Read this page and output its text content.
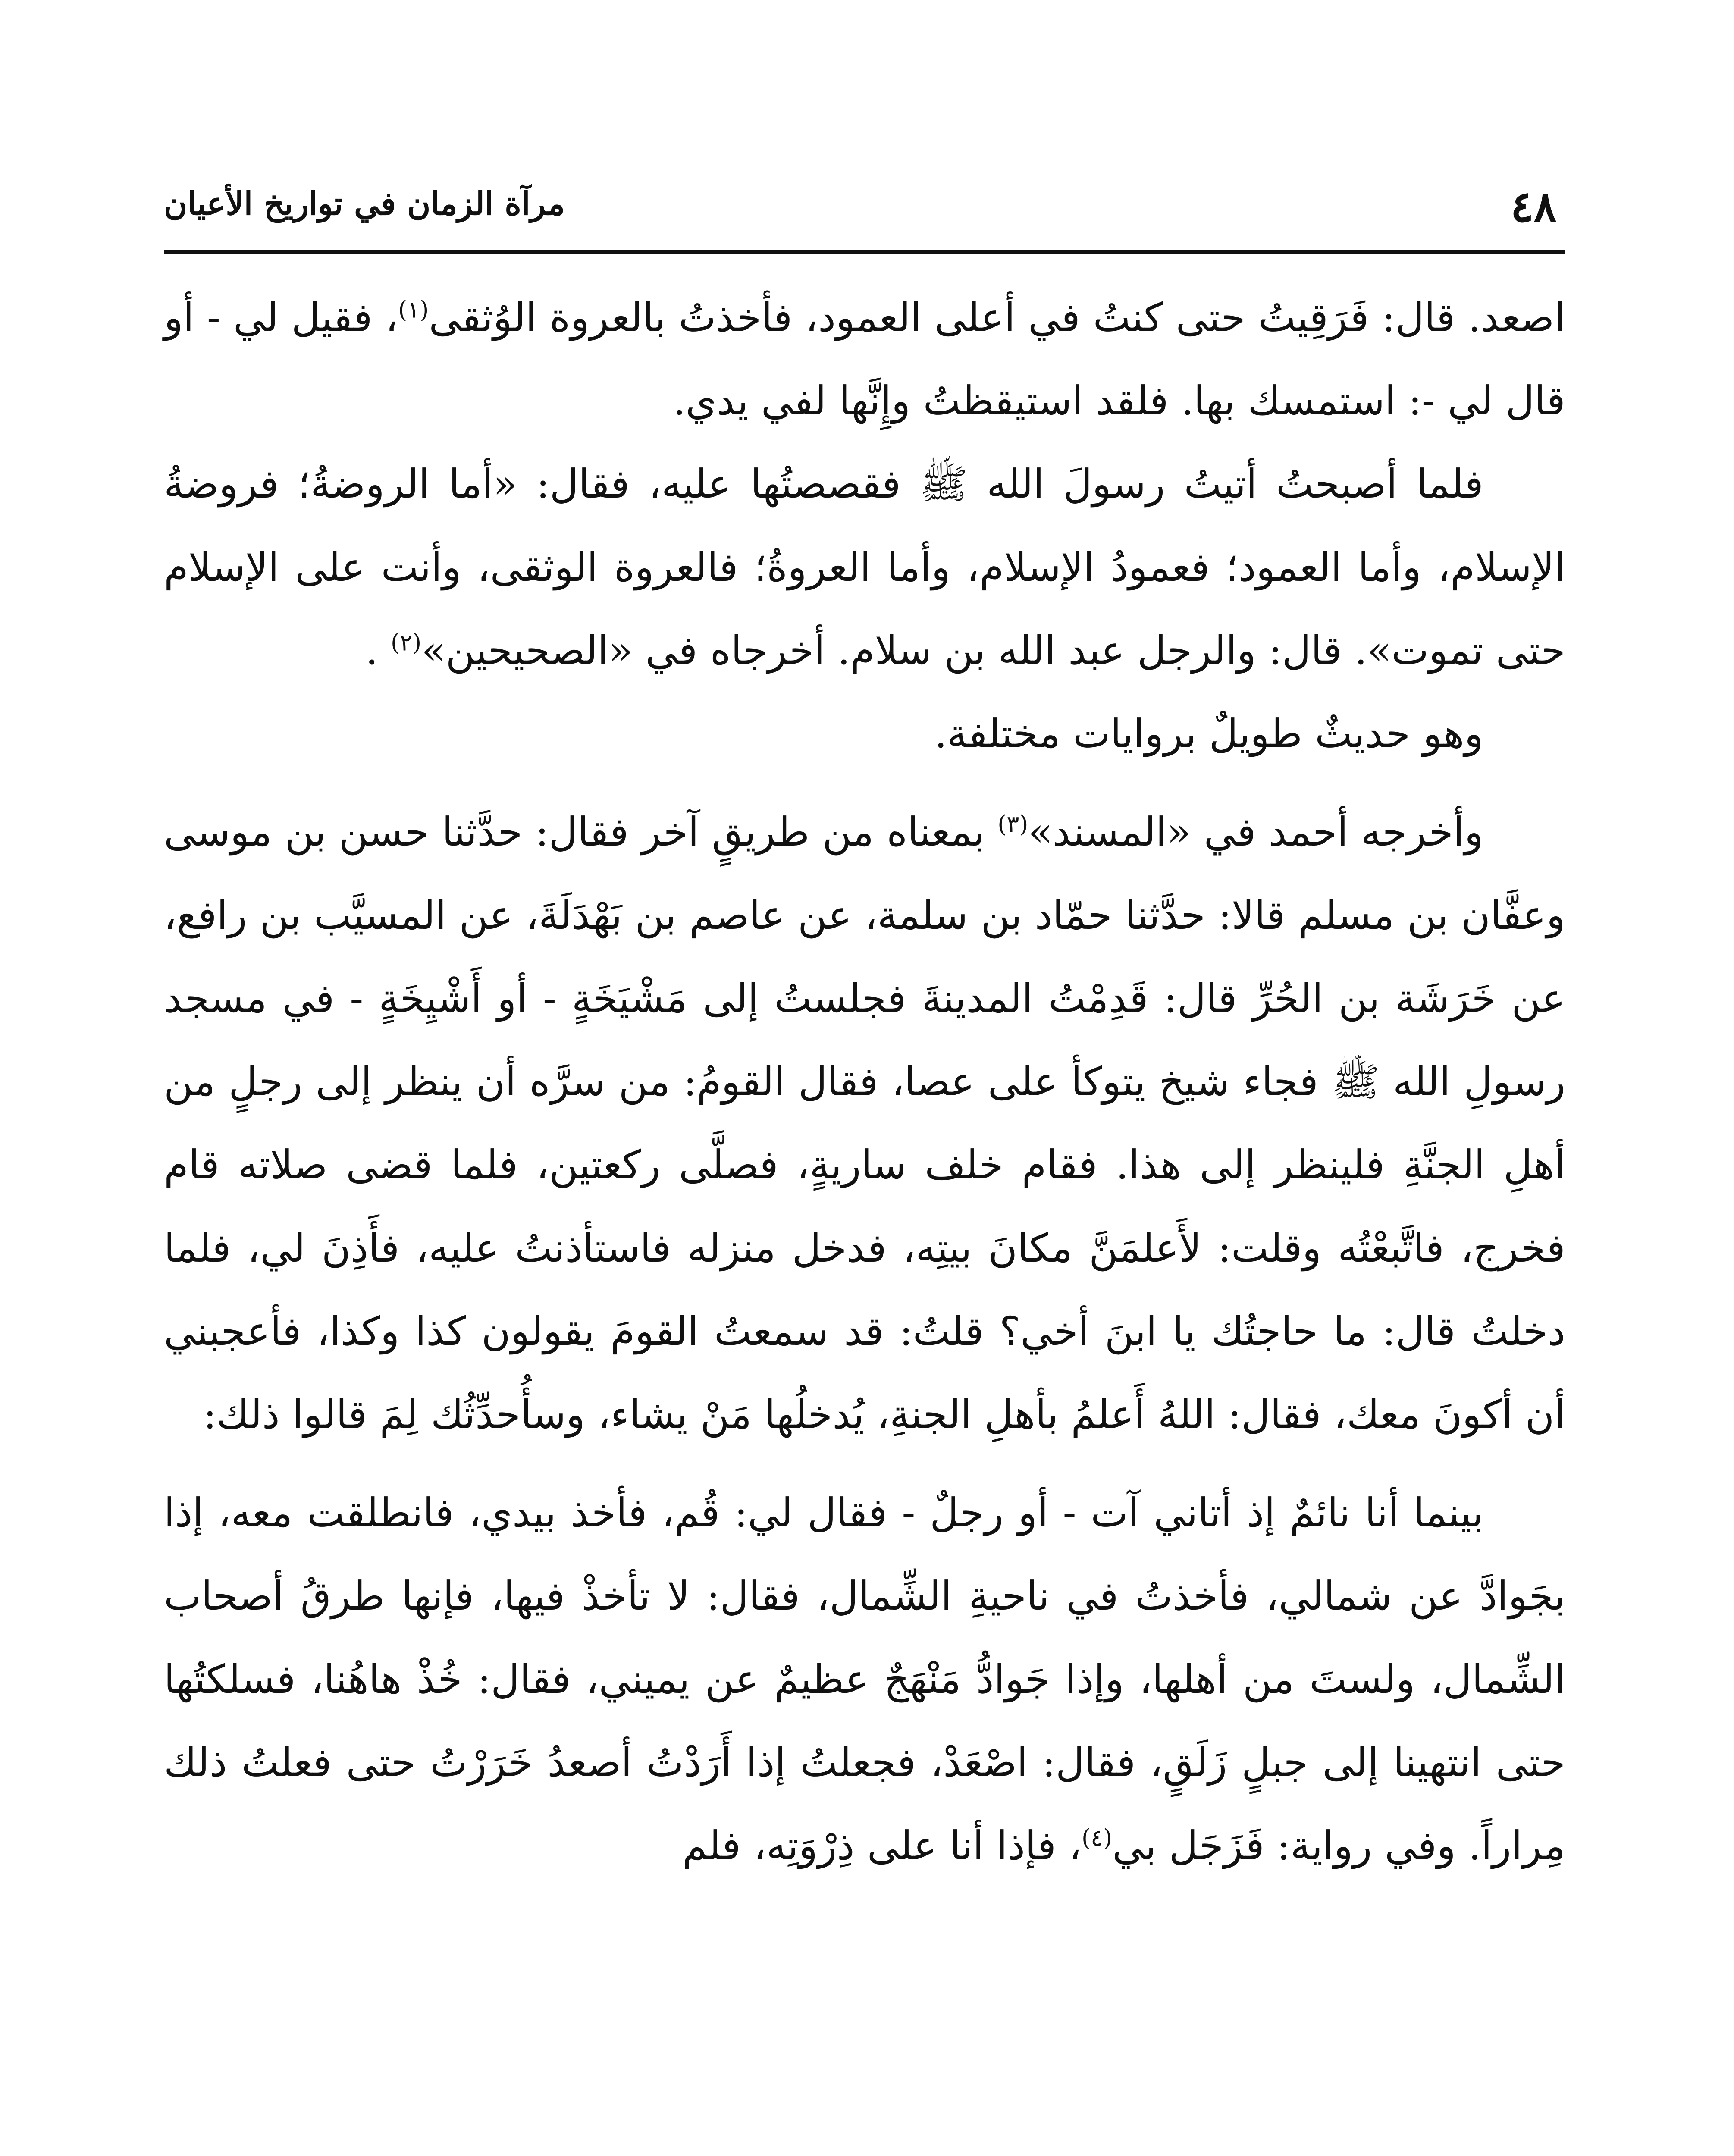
٤٨
مرآة الزمان في تواريخ الأعيان

اصعد. قال: فَرَقِيتُ حتى كنتُ في أعلى العمود، فأخذتُ بالعروة الوُثقى$^{(١)}$، فقيل لي - أو قال لي -: استمسك بها. فلقد استيقظتُ وإِنَّها لفي يدي.

فلما أصبحتُ أتيتُ رسولَ الله ﷺ فقصصتُها عليه، فقال: «أما الروضةُ؛ فروضةُ الإسلام، وأما العمود؛ فعمودُ الإسلام، وأما العروةُ؛ فالعروة الوثقى، وأنت على الإسلام حتى تموت». قال: والرجل عبد الله بن سلام. أخرجاه في «الصحيحين»$^{(٢)}$ .

وهو حديثٌ طويلٌ بروايات مختلفة.

وأخرجه أحمد في «المسند»$^{(٣)}$ بمعناه من طريقٍ آخر فقال: حدَّثنا حسن بن موسى وعفَّان بن مسلم قالا: حدَّثنا حمّاد بن سلمة، عن عاصم بن بَهْدَلَةَ، عن المسيَّب بن رافع، عن خَرَشَة بن الحُرِّ قال: قَدِمْتُ المدينةَ فجلستُ إلى مَشْيَخَةٍ - أو أَشْيِخَةٍ - في مسجد رسولِ الله ﷺ فجاء شيخ يتوكأ على عصا، فقال القومُ: من سرَّه أن ينظر إلى رجلٍ من أهلِ الجنَّةِ فلينظر إلى هذا. فقام خلف ساريةٍ، فصلَّى ركعتين، فلما قضى صلاته قام فخرج، فاتَّبعْتُه وقلت: لأَعلمَنَّ مكانَ بيتِه، فدخل منزله فاستأذنتُ عليه، فأَذِنَ لي، فلما دخلتُ قال: ما حاجتُك يا ابنَ أخي؟ قلتُ: قد سمعتُ القومَ يقولون كذا وكذا، فأعجبني أن أكونَ معك، فقال: اللهُ أَعلمُ بأهلِ الجنةِ، يُدخلُها مَنْ يشاء، وسأُحدِّثُك لِمَ قالوا ذلك:

بينما أنا نائمٌ إذ أتاني آت - أو رجلٌ - فقال لي: قُم، فأخذ بيدي، فانطلقت معه، إذا بجَوادَّ عن شمالي، فأخذتُ في ناحيةِ الشِّمال، فقال: لا تأخذْ فيها، فإنها طرقُ أصحاب الشِّمال، ولستَ من أهلها، وإذا جَوادُّ مَنْهَجٌ عظيمٌ عن يميني، فقال: خُذْ هاهُنا، فسلكتُها حتى انتهينا إلى جبلٍ زَلَقٍ، فقال: اصْعَدْ، فجعلتُ إذا أَرَدْتُ أصعدُ خَرَرْتُ حتى فعلتُ ذلك مِراراً. وفي رواية: فَزَجَل بي$^{(٤)}$، فإذا أنا على ذِرْوَتِه، فلم
